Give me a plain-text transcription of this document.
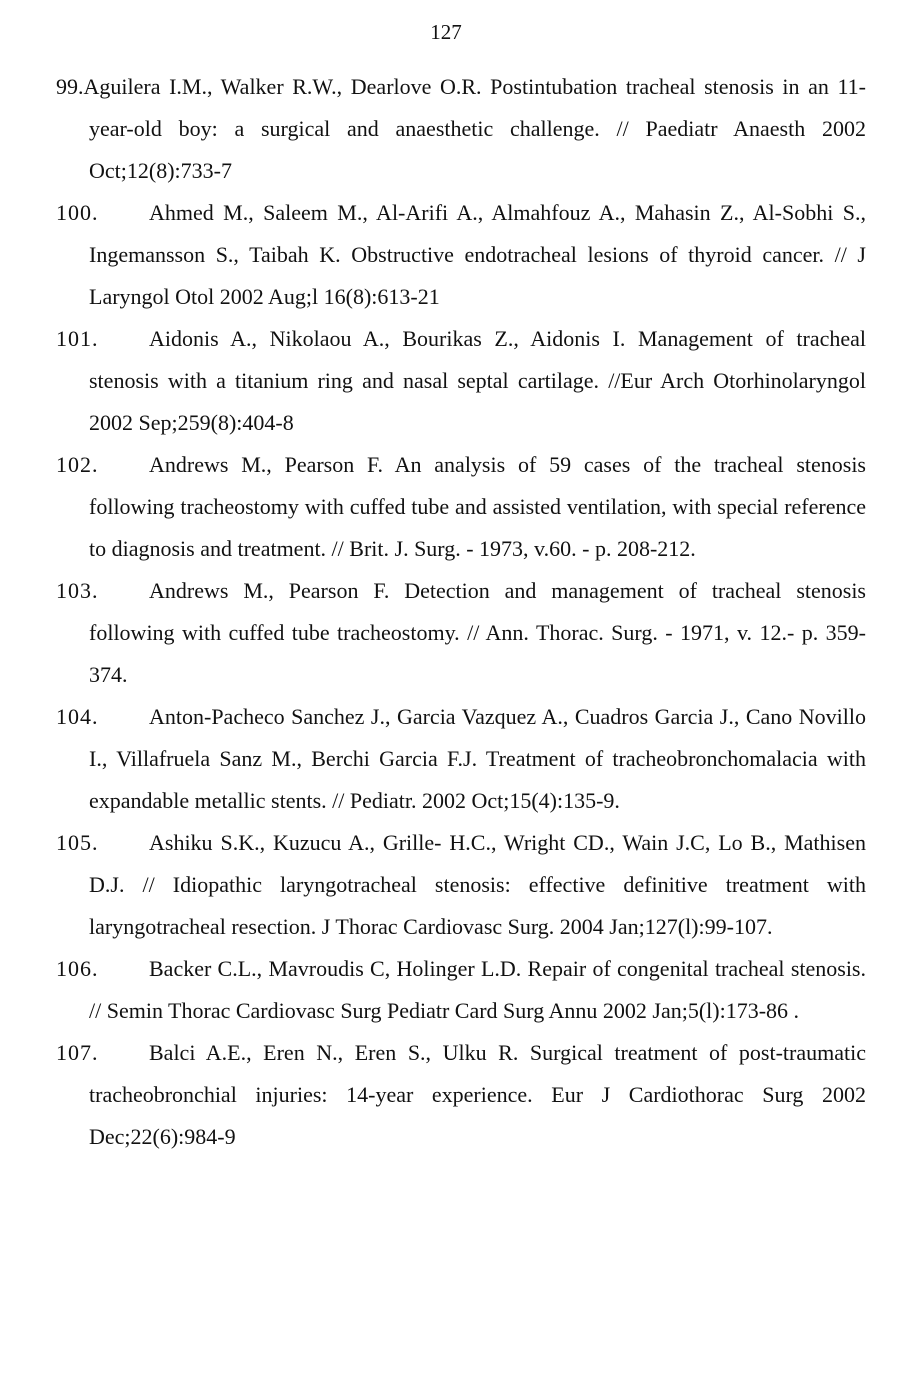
127

99.Aguilera I.M., Walker R.W., Dearlove O.R. Postintubation tracheal stenosis in an 11-year-old boy: a surgical and anaesthetic challenge. // Paediatr Anaesth 2002 Oct;12(8):733-7

100. Ahmed M., Saleem M., Al-Arifi A., Almahfouz A., Mahasin Z., Al-Sobhi S., Ingemansson S., Taibah K. Obstructive endotracheal lesions of thyroid cancer. // J Laryngol Otol 2002 Aug;l 16(8):613-21

101. Aidonis A., Nikolaou A., Bourikas Z., Aidonis I. Management of tracheal stenosis with a titanium ring and nasal septal cartilage. //Eur Arch Otorhinolaryngol 2002 Sep;259(8):404-8

102. Andrews M., Pearson F. An analysis of 59 cases of the tracheal stenosis following tracheostomy with cuffed tube and assisted ventilation, with special reference to diagnosis and treatment. // Brit. J. Surg. - 1973, v.60. - p. 208-212.

103. Andrews M., Pearson F. Detection and management of tracheal stenosis following with cuffed tube tracheostomy. // Ann. Thorac. Surg. - 1971, v. 12.- p. 359-374.

104. Anton-Pacheco Sanchez J., Garcia Vazquez A., Cuadros Garcia J., Cano Novillo I., Villafruela Sanz M., Berchi Garcia F.J. Treatment of tracheobronchomalacia with expandable metallic stents. // Pediatr. 2002 Oct;15(4):135-9.

105. Ashiku S.K., Kuzucu A., Grille- H.C., Wright CD., Wain J.C, Lo B., Mathisen D.J. // Idiopathic laryngotracheal stenosis: effective definitive treatment with laryngotracheal resection. J Thorac Cardiovasc Surg. 2004 Jan;127(l):99-107.

106. Backer C.L., Mavroudis C, Holinger L.D. Repair of congenital tracheal stenosis. // Semin Thorac Cardiovasc Surg Pediatr Card Surg Annu 2002 Jan;5(l):173-86 .

107. Balci A.E., Eren N., Eren S., Ulku R. Surgical treatment of post-traumatic tracheobronchial injuries: 14-year experience. Eur J Cardiothorac Surg 2002 Dec;22(6):984-9
